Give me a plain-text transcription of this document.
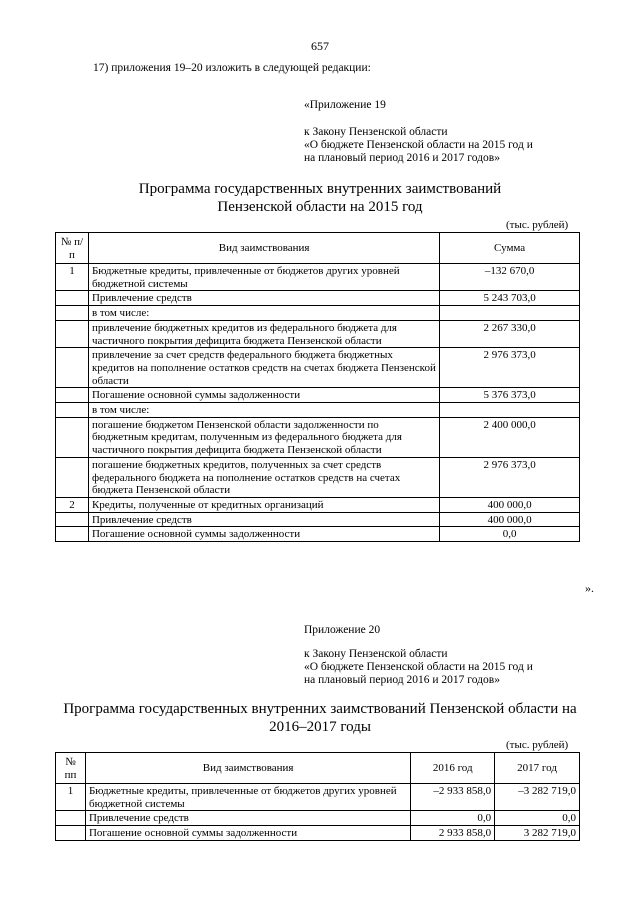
657
17) приложения 19–20 изложить в следующей редакции:
«Приложение 19
к Закону Пензенской области
«О бюджете Пензенской области на 2015 год и
на плановый период 2016 и 2017 годов»
Программа государственных внутренних заимствований
Пензенской области на 2015 год
(тыс. рублей)
№ п/п	Вид заимствования	Сумма
1	Бюджетные кредиты, привлеченные от бюджетов других уровней бюджетной системы	–132 670,0
	Привлечение средств	5 243 703,0
	в том числе:	
	привлечение бюджетных кредитов из федерального бюджета для частичного покрытия дефицита бюджета Пензенской области	2 267 330,0
	привлечение за счет средств федерального бюджета бюджетных кредитов на пополнение остатков средств на счетах бюджета Пензенской области	2 976 373,0
	Погашение основной суммы задолженности	5 376 373,0
	в том числе:	
	погашение бюджетом Пензенской области задолженности по бюджетным кредитам, полученным из федерального бюджета для частичного покрытия дефицита бюджета Пензенской области	2 400 000,0
	погашение бюджетных кредитов, полученных за счет средств федерального бюджета на пополнение остатков средств на счетах бюджета Пензенской области	2 976 373,0
2	Кредиты, полученные от кредитных организаций	400 000,0
	Привлечение средств	400 000,0
	Погашение основной суммы задолженности	0,0
».
Приложение 20
к Закону Пензенской области
«О бюджете Пензенской области на 2015 год и
на плановый период 2016 и 2017 годов»
Программа государственных внутренних заимствований Пензенской области на
2016–2017 годы
(тыс. рублей)
№ пп	Вид заимствования	2016 год	2017 год
1	Бюджетные кредиты, привлеченные от бюджетов других уровней бюджетной системы	–2 933 858,0	–3 282 719,0
	Привлечение средств	0,0	0,0
	Погашение основной суммы задолженности	2 933 858,0	3 282 719,0
